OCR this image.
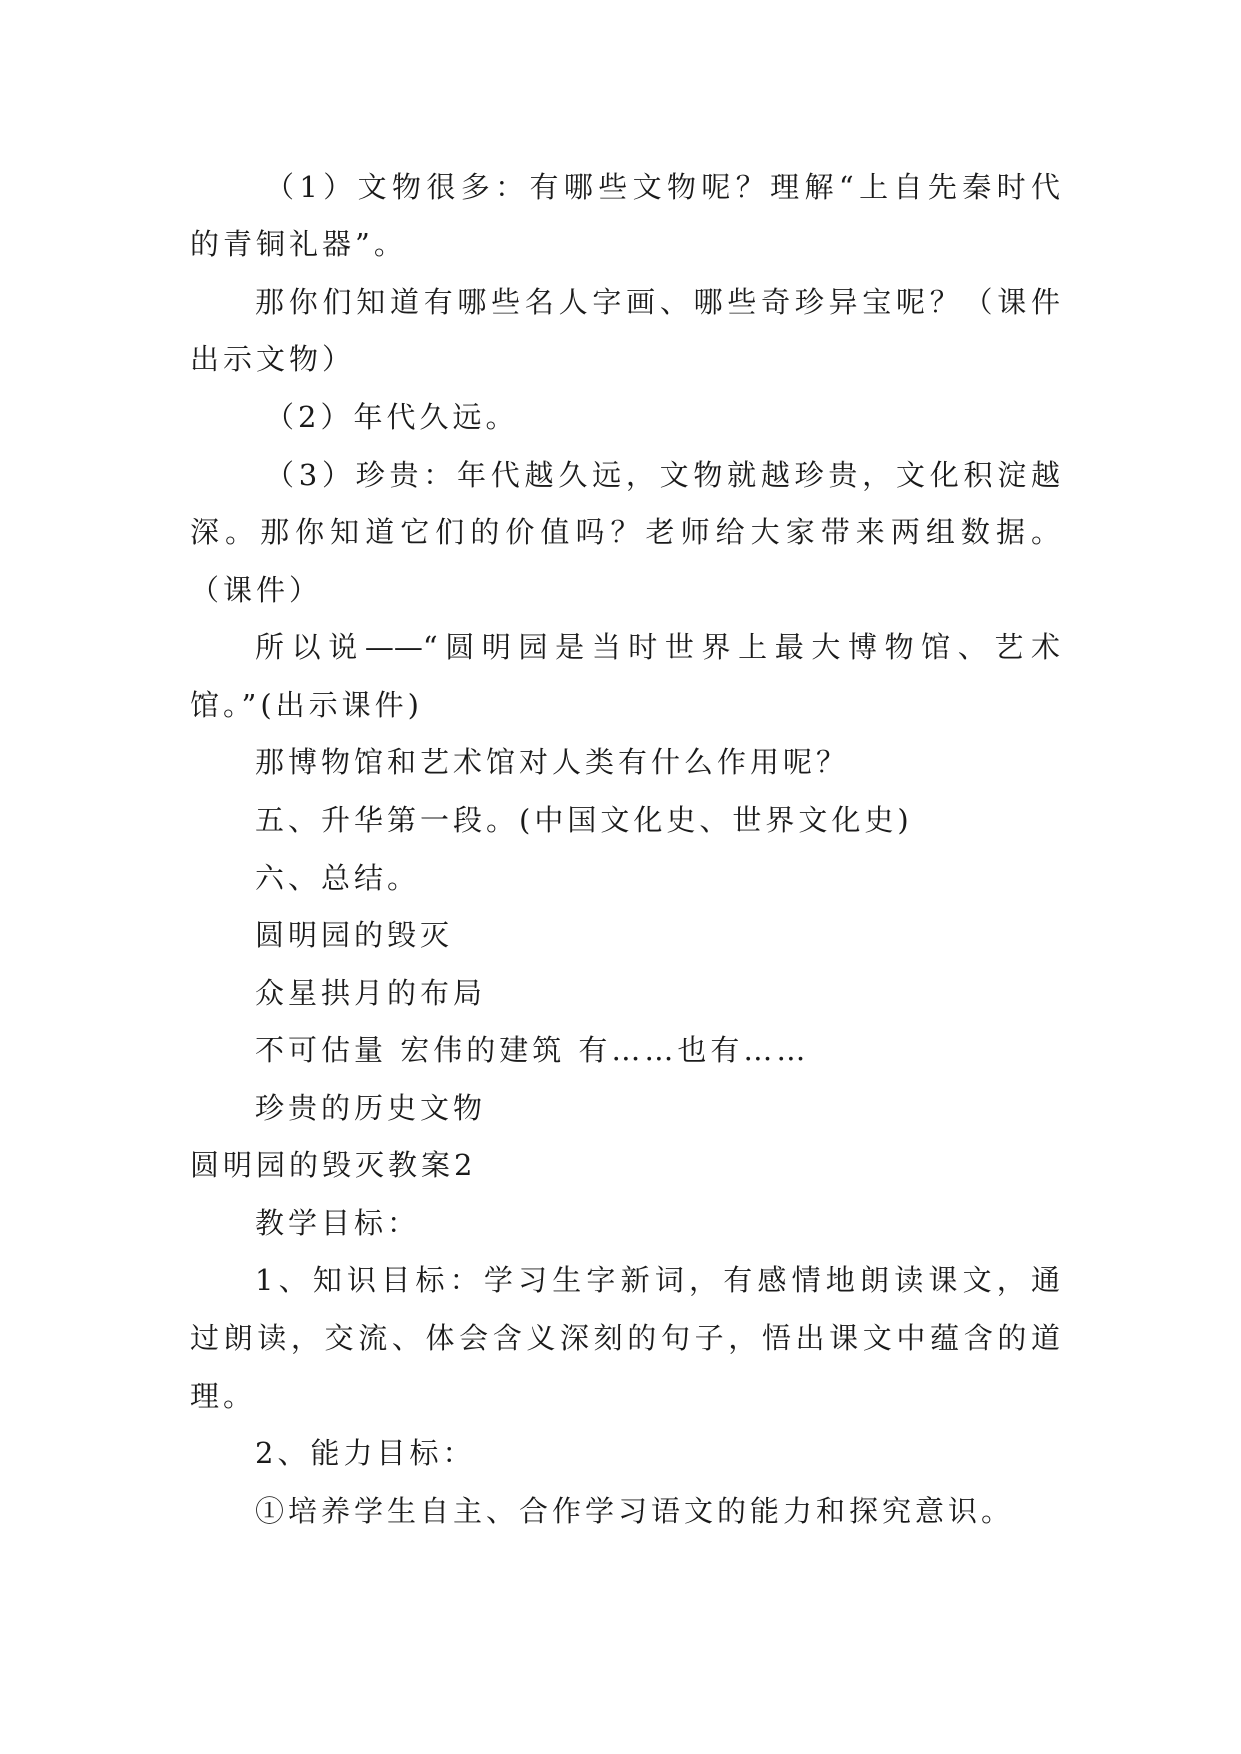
（1）文物很多：有哪些文物呢？理解“上自先秦时代
的青铜礼器”。
那你们知道有哪些名人字画、哪些奇珍异宝呢？（课件
出示文物）
（2）年代久远。
（3）珍贵：年代越久远，文物就越珍贵，文化积淀越
深。那你知道它们的价值吗？老师给大家带来两组数据。
（课件）
所以说——“圆明园是当时世界上最大博物馆、艺术
馆。”(出示课件)
那博物馆和艺术馆对人类有什么作用呢？
五、升华第一段。(中国文化史、世界文化史)
六、总结。
圆明园的毁灭
众星拱月的布局
不可估量 宏伟的建筑 有……也有……
珍贵的历史文物
圆明园的毁灭教案2
教学目标：
1、知识目标：学习生字新词，有感情地朗读课文，通
过朗读，交流、体会含义深刻的句子，悟出课文中蕴含的道
理。
2、能力目标：
①培养学生自主、合作学习语文的能力和探究意识。
